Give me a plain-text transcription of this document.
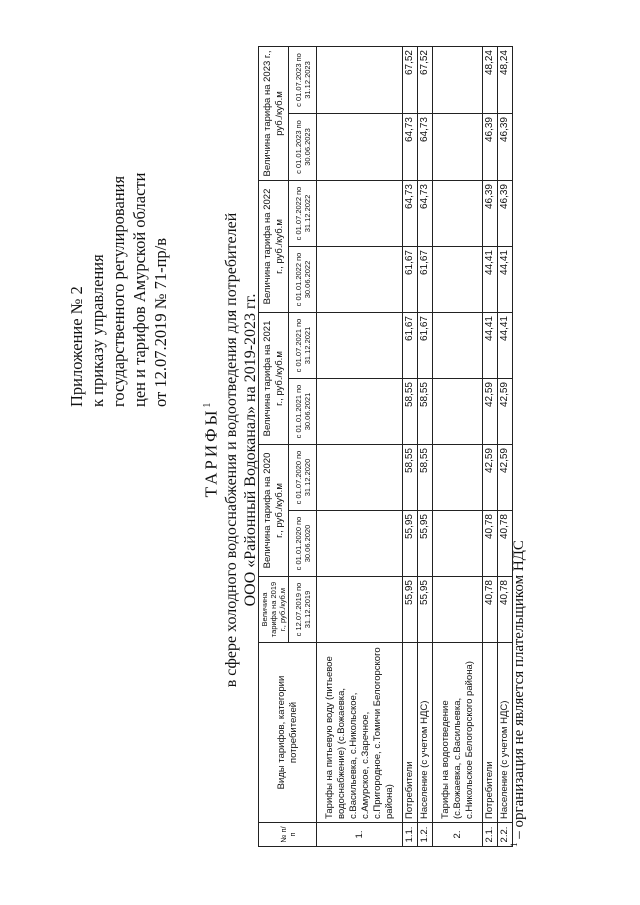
Приложение № 2 к приказу управления государственного регулирования цен и тарифов Амурской области от 12.07.2019 № 71-пр/в
ТАРИФЫ$^1$ в сфере холодного водоснабжения и водоотведения для потребителей ООО «Районный Водоканал» на 2019-2023 гг.
№ п/п	Виды тарифов, категории потребителей	Величина тарифа на 2019 г., руб./куб.м	Величина тарифа на 2020 г., руб./куб.м		Величина тарифа на 2021 г., руб./куб.м		Величина тарифа на 2022 г., руб./куб.м		Величина тарифа на 2023 г., руб./куб.м	
		с 12.07.2019 по 31.12.2019	с 01.01.2020 по 30.06.2020	с 01.07.2020 по 31.12.2020	с 01.01.2021 по 30.06.2021	с 01.07.2021 по 31.12.2021	с 01.01.2022 по 30.06.2022	с 01.07.2022 по 31.12.2022	с 01.01.2023 по 30.06.2023	с 01.07.2023 по 31.12.2023
1.	Тарифы на питьевую воду (питьевое водоснабжение) (с.Вожаевка, с.Васильевка, с.Никольское, с.Амурское, с.Заречное, с.Пригородное, с.Томичи Белогорского района)									
1.1.	Потребители	55,95	55,95	58,55	58,55	61,67	61,67	64,73	64,73	67,52
1.2.	Население (с учетом НДС)	55,95	55,95	58,55	58,55	61,67	61,67	64,73	64,73	67,52
2.	Тарифы на водоотведение (с.Вожаевка, с.Васильевка, с.Никольское Белогорского района)									
2.1.	Потребители	40,78	40,78	42,59	42,59	44,41	44,41	46,39	46,39	48,24
2.2.	Население (с учетом НДС)	40,78	40,78	42,59	42,59	44,41	44,41	46,39	46,39	48,24
$^1$ – организация не является плательщиком НДС
